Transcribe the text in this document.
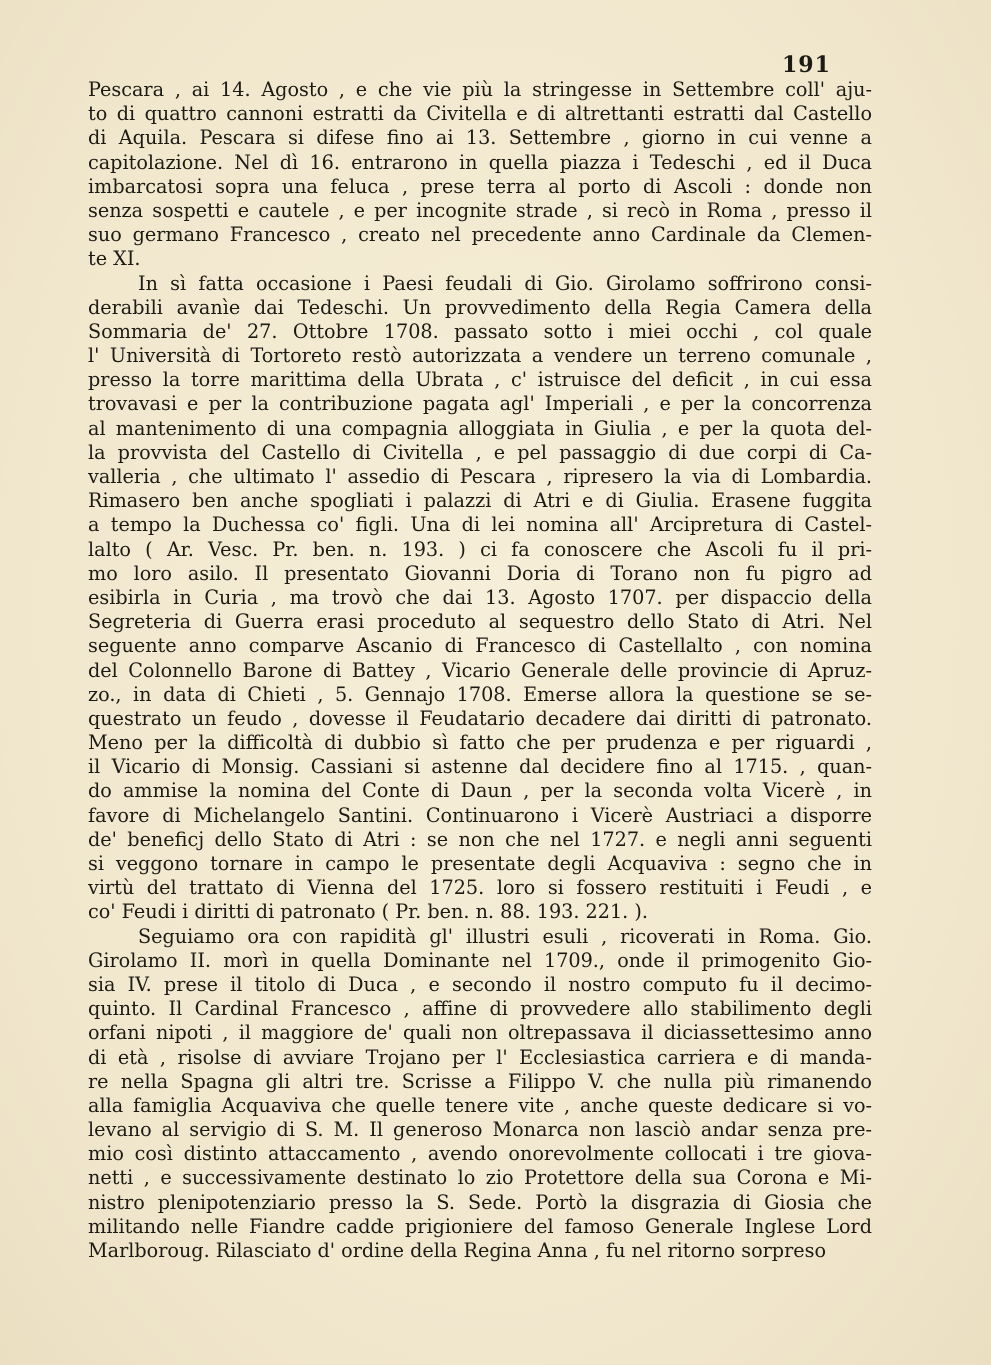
191
Pescara , ai 14. Agosto , e che vie più la stringesse in Settembre coll' aju-
to di quattro cannoni estratti da Civitella e di altrettanti estratti dal Castello
di Aquila. Pescara si difese fino ai 13. Settembre , giorno in cui venne a
capitolazione. Nel dì 16. entrarono in quella piazza i Tedeschi , ed il Duca
imbarcatosi sopra una feluca , prese terra al porto di Ascoli : donde non
senza sospetti e cautele , e per incognite strade , si recò in Roma , presso il
suo germano Francesco , creato nel precedente anno Cardinale da Clemen-
te XI.
In sì fatta occasione i Paesi feudali di Gio. Girolamo soffrirono consi-
derabili avanìe dai Tedeschi. Un provvedimento della Regia Camera della
Sommaria de' 27. Ottobre 1708. passato sotto i miei occhi , col quale
l' Università di Tortoreto restò autorizzata a vendere un terreno comunale ,
presso la torre marittima della Ubrata , c' istruisce del deficit , in cui essa
trovavasi e per la contribuzione pagata agl' Imperiali , e per la concorrenza
al mantenimento di una compagnia alloggiata in Giulia , e per la quota del-
la provvista del Castello di Civitella , e pel passaggio di due corpi di Ca-
valleria , che ultimato l' assedio di Pescara , ripresero la via di Lombardia.
Rimasero ben anche spogliati i palazzi di Atri e di Giulia. Erasene fuggita
a tempo la Duchessa co' figli. Una di lei nomina all' Arcipretura di Castel-
lalto ( Ar. Vesc. Pr. ben. n. 193. ) ci fa conoscere che Ascoli fu il pri-
mo loro asilo. Il presentato Giovanni Doria di Torano non fu pigro ad
esibirla in Curia , ma trovò che dai 13. Agosto 1707. per dispaccio della
Segreteria di Guerra erasi proceduto al sequestro dello Stato di Atri. Nel
seguente anno comparve Ascanio di Francesco di Castellalto , con nomina
del Colonnello Barone di Battey , Vicario Generale delle provincie di Apruz-
zo., in data di Chieti , 5. Gennajo 1708. Emerse allora la questione se se-
questrato un feudo , dovesse il Feudatario decadere dai diritti di patronato.
Meno per la difficoltà di dubbio sì fatto che per prudenza e per riguardi ,
il Vicario di Monsig. Cassiani si astenne dal decidere fino al 1715. , quan-
do ammise la nomina del Conte di Daun , per la seconda volta Vicerè , in
favore di Michelangelo Santini. Continuarono i Vicerè Austriaci a disporre
de' beneficj dello Stato di Atri : se non che nel 1727. e negli anni seguenti
si veggono tornare in campo le presentate degli Acquaviva : segno che in
virtù del trattato di Vienna del 1725. loro si fossero restituiti i Feudi , e
co' Feudi i diritti di patronato ( Pr. ben. n. 88. 193. 221. ).
Seguiamo ora con rapidità gl' illustri esuli , ricoverati in Roma. Gio.
Girolamo II. morì in quella Dominante nel 1709., onde il primogenito Gio-
sia IV. prese il titolo di Duca , e secondo il nostro computo fu il decimo-
quinto. Il Cardinal Francesco , affine di provvedere allo stabilimento degli
orfani nipoti , il maggiore de' quali non oltrepassava il diciassettesimo anno
di età , risolse di avviare Trojano per l' Ecclesiastica carriera e di manda-
re nella Spagna gli altri tre. Scrisse a Filippo V. che nulla più rimanendo
alla famiglia Acquaviva che quelle tenere vite , anche queste dedicare si vo-
levano al servigio di S. M. Il generoso Monarca non lasciò andar senza pre-
mio così distinto attaccamento , avendo onorevolmente collocati i tre giova-
netti , e successivamente destinato lo zio Protettore della sua Corona e Mi-
nistro plenipotenziario presso la S. Sede. Portò la disgrazia di Giosia che
militando nelle Fiandre cadde prigioniere del famoso Generale Inglese Lord
Marlboroug. Rilasciato d' ordine della Regina Anna , fu nel ritorno sorpreso
